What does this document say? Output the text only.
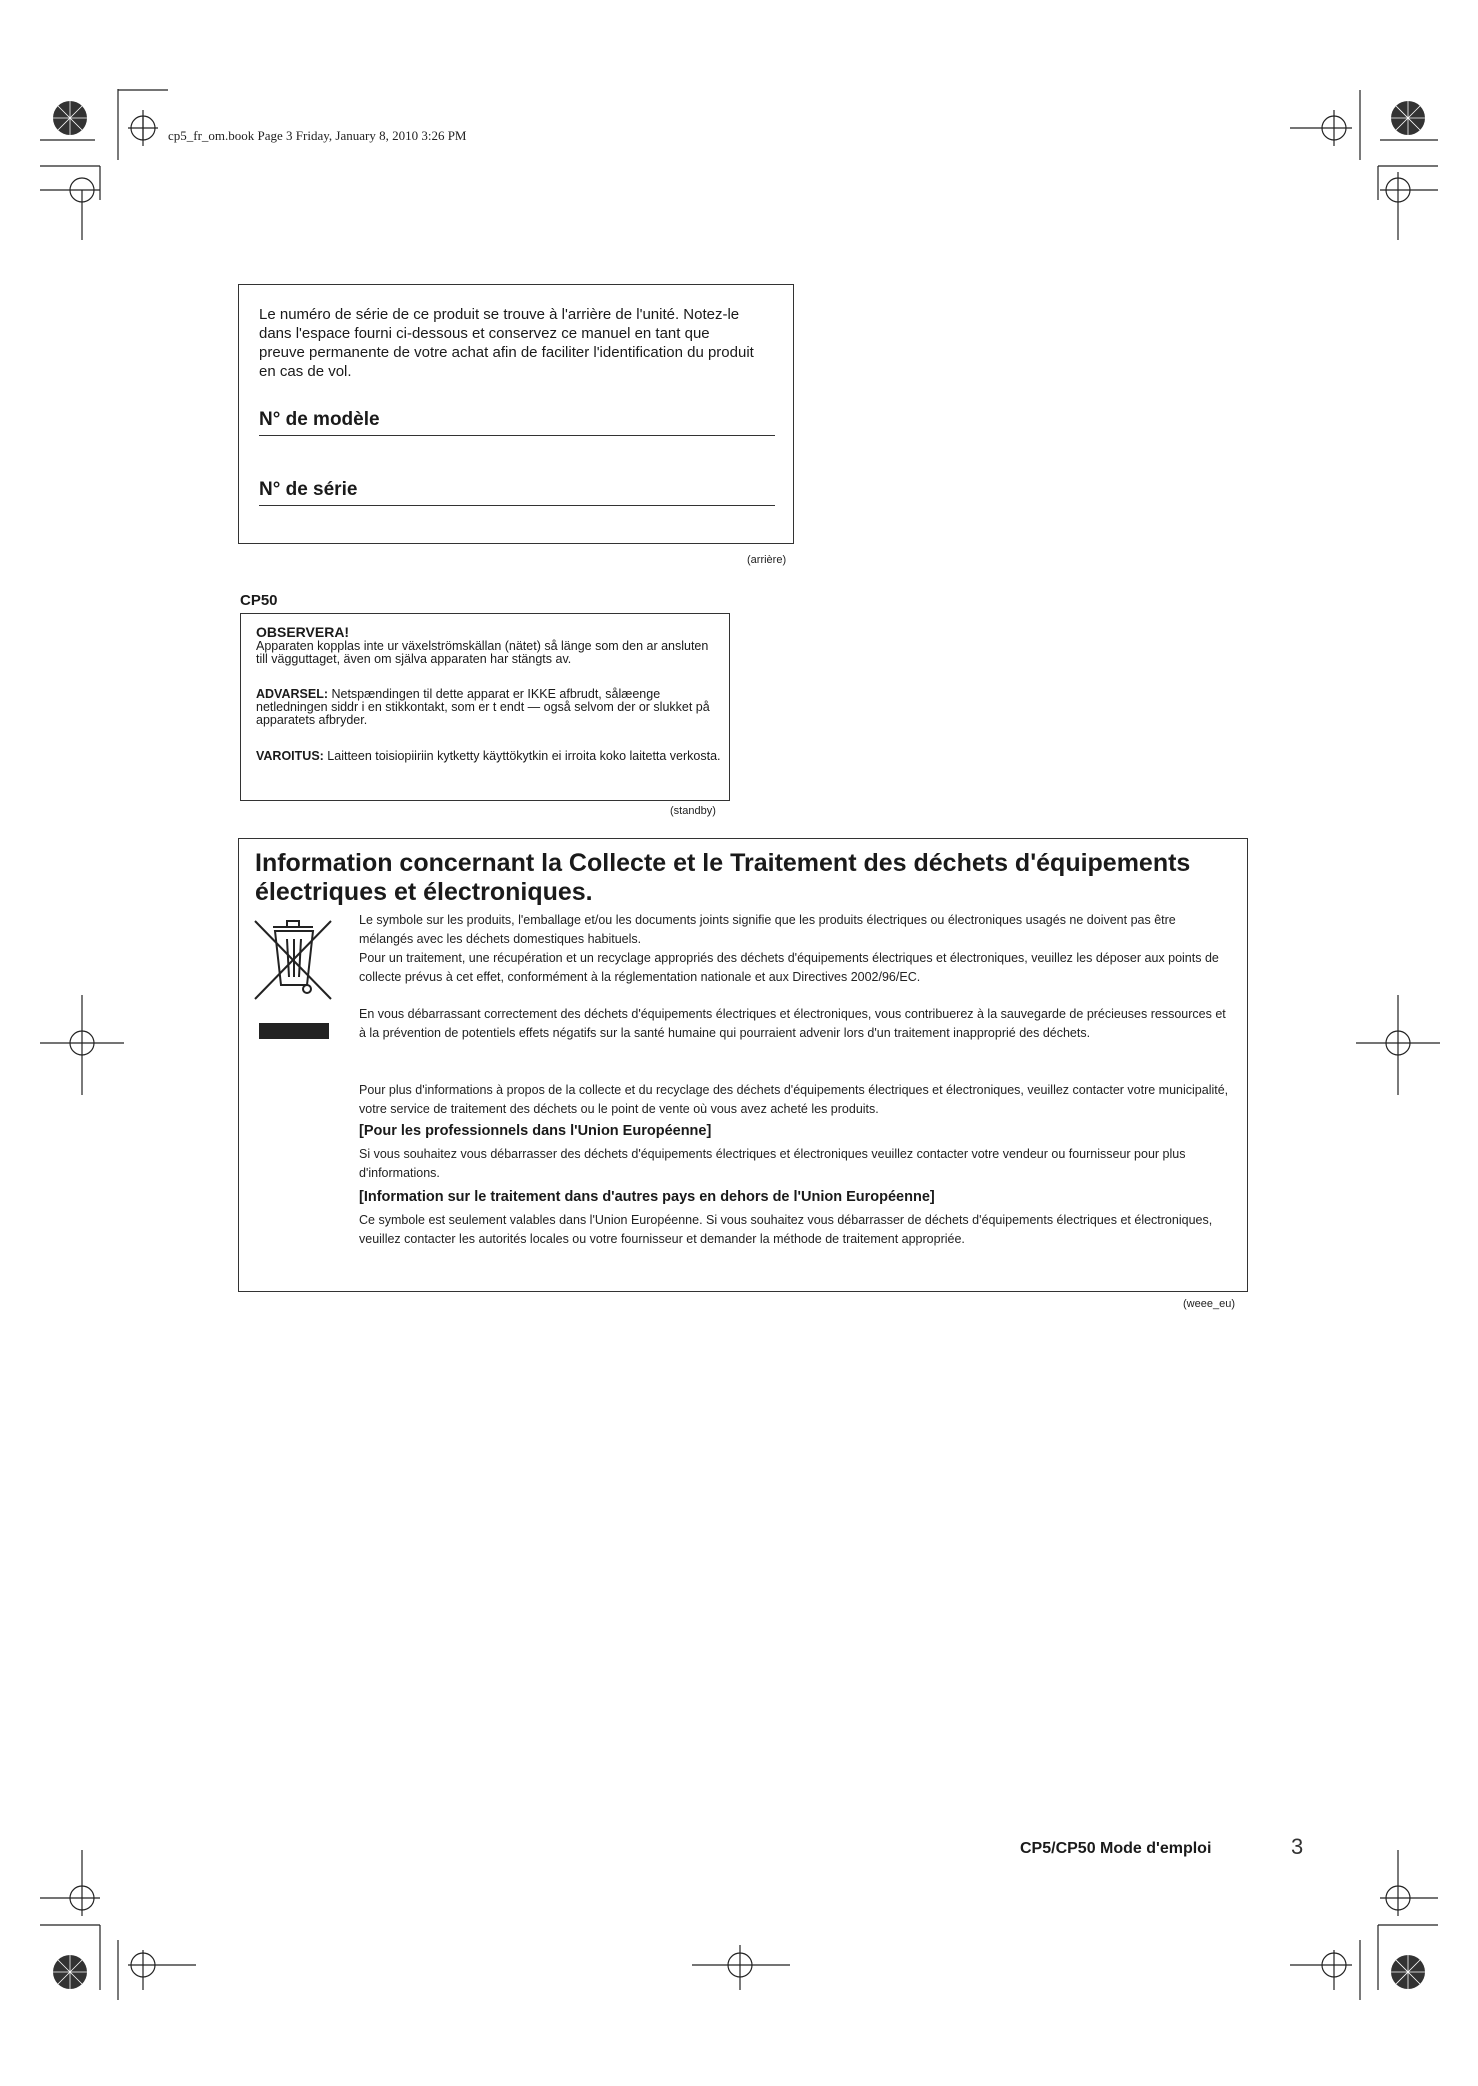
cp5_fr_om.book Page 3 Friday, January 8, 2010 3:26 PM
Le numéro de série de ce produit se trouve à l'arrière de l'unité. Notez-le dans l'espace fourni ci-dessous et conservez ce manuel en tant que preuve permanente de votre achat afin de faciliter l'identification du produit en cas de vol.
N° de modèle
N° de série
(arrière)
CP50
OBSERVERA!
Apparaten kopplas inte ur växelströmskällan (nätet) så länge som den ar ansluten till vägguttaget, även om själva apparaten har stängts av.
ADVARSEL: Netspændingen til dette apparat er IKKE afbrudt, sålæenge netledningen siddr i en stikkontakt, som er t endt — også selvom der or slukket på apparatets afbryder.
VAROITUS: Laitteen toisiopiiriin kytketty käyttökytkin ei irroita koko laitetta verkosta.
(standby)
Information concernant la Collecte et le Traitement des déchets d'équipements électriques et électroniques.
Le symbole sur les produits, l'emballage et/ou les documents joints signifie que les produits électriques ou électroniques usagés ne doivent pas être mélangés avec les déchets domestiques habituels.
Pour un traitement, une récupération et un recyclage appropriés des déchets d'équipements électriques et électroniques, veuillez les déposer aux points de collecte prévus à cet effet, conformément à la réglementation nationale et aux Directives 2002/96/EC.
En vous débarrassant correctement des déchets d'équipements électriques et électroniques, vous contribuerez à la sauvegarde de précieuses ressources et à la prévention de potentiels effets négatifs sur la santé humaine qui pourraient advenir lors d'un traitement inapproprié des déchets.
Pour plus d'informations à propos de la collecte et du recyclage des déchets d'équipements électriques et électroniques, veuillez contacter votre municipalité, votre service de traitement des déchets ou le point de vente où vous avez acheté les produits.
[Pour les professionnels dans l'Union Européenne]
Si vous souhaitez vous débarrasser des déchets d'équipements électriques et électroniques veuillez contacter votre vendeur ou fournisseur pour plus d'informations.
[Information sur le traitement dans d'autres pays en dehors de l'Union Européenne]
Ce symbole est seulement valables dans l'Union Européenne. Si vous souhaitez vous débarrasser de déchets d'équipements électriques et électroniques, veuillez contacter les autorités locales ou votre fournisseur et demander la méthode de traitement appropriée.
(weee_eu)
CP5/CP50 Mode d'emploi	3
